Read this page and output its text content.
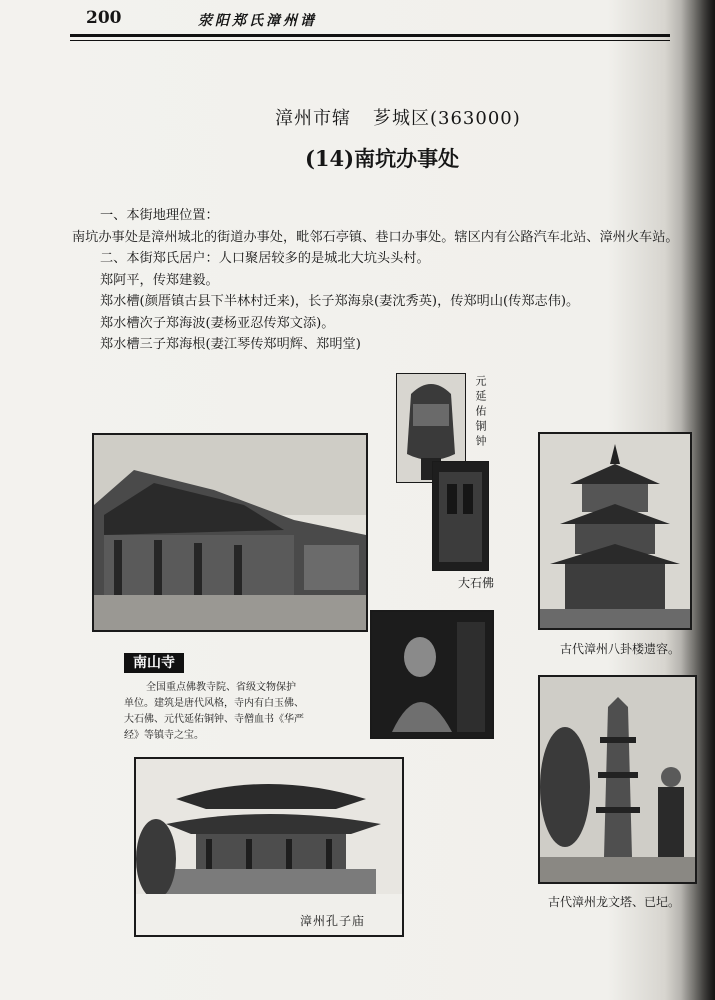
200	荥阳郑氏漳州谱
漳州市辖 芗城区(363000)
(14)南坑办事处

一、本街地理位置：

南坑办事处是漳州城北的街道办事处，毗邻石亭镇、巷口办事处。辖区内有公路汽车北站、漳州火车站。

二、本街郑氏居户：人口聚居较多的是城北大坑头头村。

郑阿平，传郑建毅。

郑水槽(颜厝镇古县下半林村迁来)，长子郑海泉(妻沈秀英)，传郑明山(传郑志伟)。

郑水槽次子郑海波(妻杨亚忍传郑文添)。

郑水槽三子郑海根(妻江琴传郑明辉、郑明堂)

元延佑铜钟
大石佛
南山寺

全国重点佛教寺院、省级文物保护单位。建筑是唐代风格，寺内有白玉佛、大石佛、元代延佑铜钟、寺僧血书《华严经》等镇寺之宝。

漳州孔子庙
古代漳州八卦楼遗容。
古代漳州龙文塔、已圮。
